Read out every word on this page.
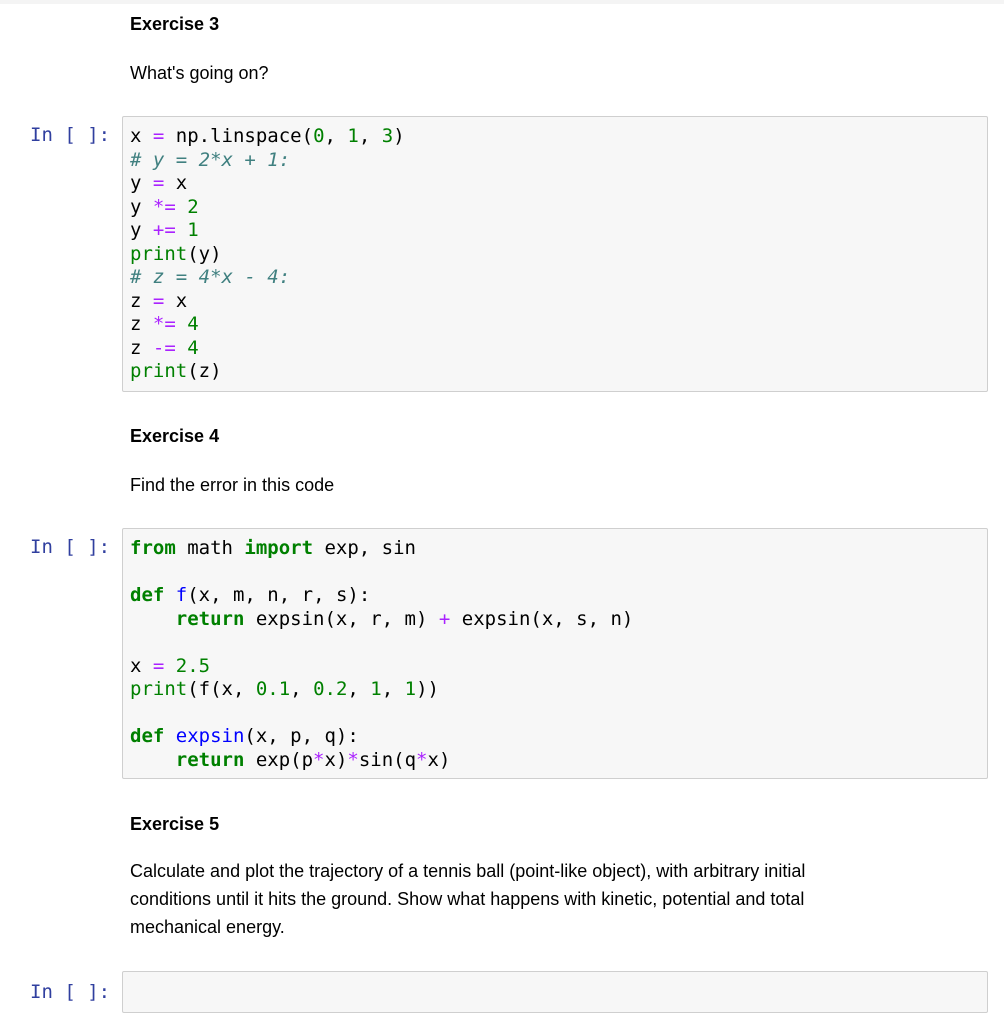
Exercise 3
What's going on?
In [ ]:	x = np.linspace(0, 1, 3)
# y = 2*x + 1:
y = x
y *= 2
y += 1
print(y)
# z = 4*x - 4:
z = x
z *= 4
z -= 4
print(z)
Exercise 4
Find the error in this code
In [ ]:	from math import exp, sin

def f(x, m, n, r, s):
return expsin(x, r, m) + expsin(x, s, n)

x = 2.5
print(f(x, 0.1, 0.2, 1, 1))

def expsin(x, p, q):
return exp(p*x)*sin(q*x)
Exercise 5
Calculate and plot the trajectory of a tennis ball (point-like object), with arbitrary initial
conditions until it hits the ground. Show what happens with kinetic, potential and total
mechanical energy.
In [ ]:
